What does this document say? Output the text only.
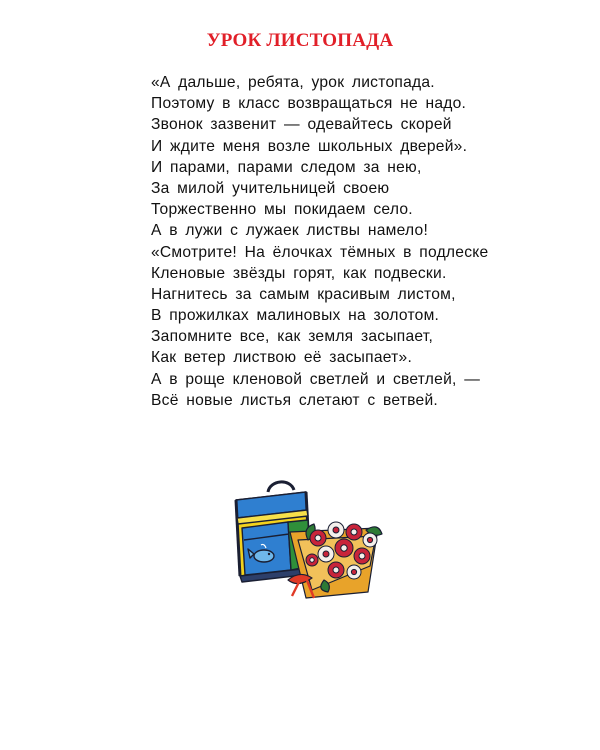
УРОК ЛИСТОПАДА
«А дальше, ребята, урок листопада.
Поэтому в класс возвращаться не надо.
Звонок зазвенит — одевайтесь скорей
И ждите меня возле школьных дверей».
И парами, парами следом за нею,
За милой учительницей своею
Торжественно мы покидаем село.
А в лужи с лужаек листвы намело!
«Смотрите! На ёлочках тёмных в подлеске
Кленовые звёзды горят, как подвески.
Нагнитесь за самым красивым листом,
В прожилках малиновых на золотом.
Запомните все, как земля засыпает,
Как ветер листвою её засыпает».
А в роще кленовой светлей и светлей, —
Всё новые листья слетают с ветвей.
